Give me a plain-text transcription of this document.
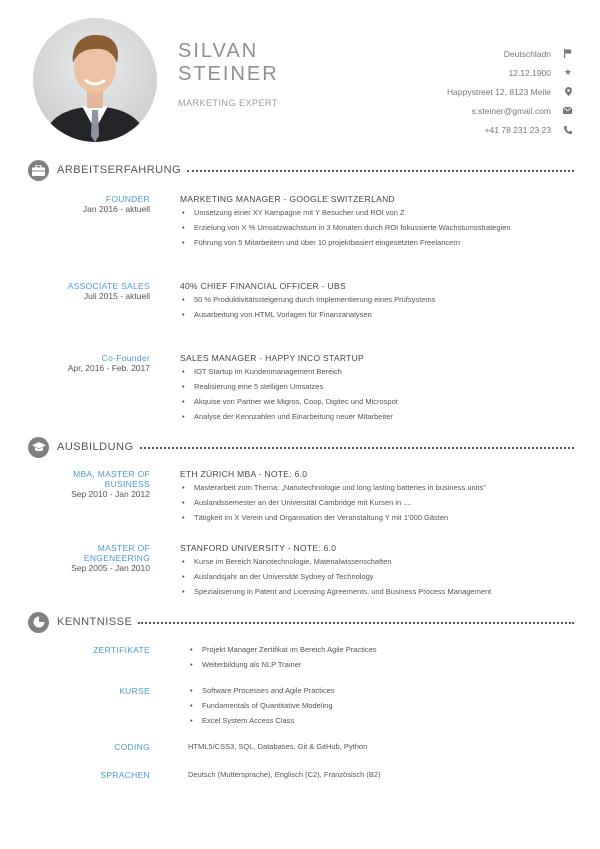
SILVAN
STEINER
MARKETING EXPERT
Deutschladn
12.12.1900	★
Happystreet 12, 8123 Meile
s.steiner@gmail.com
+41 78 231 23 23
ARBEITSERFAHRUNG
FOUNDER
Jan 2016 - aktuell
MARKETING MANAGER - GOOGLE SWITZERLAND
• Umsetzung einer XY Kampagne mit Y Besucher und ROI von Z
• Erzielung von X % Umsatzwachstum in 3 Monaten durch ROI fokussierte Wachstumsstrategien
• Führung von 5 Mitarbeitern und über 10 projektbasiert eingesetzten Freelancern
ASSOCIATE SALES
Juli 2015 - aktuell
40% CHIEF FINANCIAL OFFICER - UBS
• 50 % Produktivitätssteigerung durch Implementierung eines Prüfsystems
• Ausarbeitung von HTML Vorlagen für Finanzanalysen
Co-Founder
Apr, 2016 - Feb. 2017
SALES MANAGER - HAPPY INCO STARTUP
• IOT Startup im Kundenmanagement Bereich
• Realisierung eine 5 stelligen Umsatzes
• Akquise von Partner wie Migros, Coop, Digitec und Microspot
• Analyse der Kennzahlen und Einarbeitung neuer Mitarbeiter
AUSBILDUNG
MBA, MASTER OF
BUSINESS
Sep 2010 - Jan 2012
ETH ZÜRICH MBA - NOTE: 6.0
• Masterarbeit zum Thema: „Nanotechnologie und long lasting batteries in business units"
• Auslandssemester an der Universität Cambridge mit Kursen in ....
• Tätigkeit im X Verein und Organisation der Veranstaltung Y mit 1'000 Gästen
MASTER OF
ENGENEERING
Sep 2005 - Jan 2010
STANFORD UNIVERSITY - NOTE: 6.0
• Kurse im Bereich Nanotechnologie, Materialwissenschaften
• Auslandsjahr an der Universität Sydney of Technology
• Spezialisierung in Patent and Licensing Agreements, und Business Process Management
KENNTNISSE
ZERTIFIKATE	• Projekt Manager Zertifikat im Bereich Agile Practices
• Weiterbildung als NLP Trainer
KURSE	• Software Processes and Agile Practices
• Fundamentals of Quantitative Modeling
• Excel System Access Class
CODING	HTML5/CSS3, SQL, Databases, Git & GitHub, Python
SPRACHEN	Deutsch (Muttersprache), Englisch (C2), Französisch (B2)
